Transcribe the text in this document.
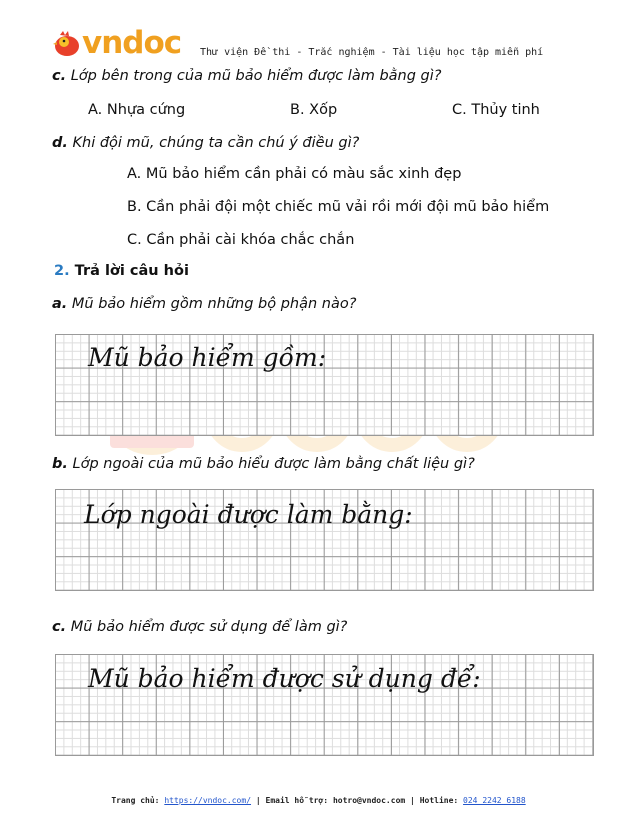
vndoc Thư viện Đề thi - Trắc nghiệm - Tài liệu học tập miễn phí
c. Lớp bên trong của mũ bảo hiểm được làm bằng gì?
A. Nhựa cứng	B. Xốp	C. Thủy tinh
d. Khi đội mũ, chúng ta cần chú ý điều gì?
A. Mũ bảo hiểm cần phải có màu sắc xinh đẹp
B. Cần phải đội một chiếc mũ vải rồi mới đội mũ bảo hiểm
C. Cần phải cài khóa chắc chắn
2. Trả lời câu hỏi
a. Mũ bảo hiểm gồm những bộ phận nào?
Mũ bảo hiểm gồm:
b. Lớp ngoài của mũ bảo hiểu được làm bằng chất liệu gì?
Lớp ngoài được làm bằng:
c. Mũ bảo hiểm được sử dụng để làm gì?
Mũ bảo hiểm được sử dụng để:
Trang chủ: https://vndoc.com/ | Email hỗ trợ: hotro@vndoc.com | Hotline: 024 2242 6188
